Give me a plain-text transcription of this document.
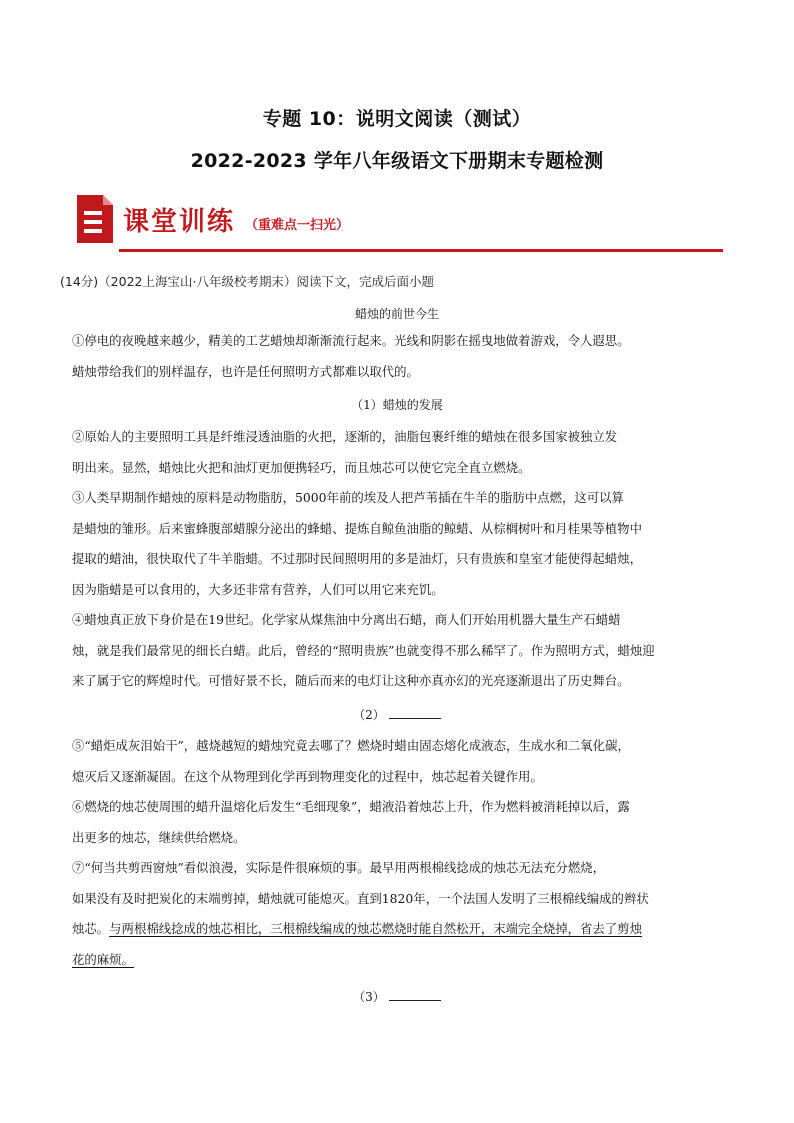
专题 10：说明文阅读（测试）
2022-2023 学年八年级语文下册期末专题检测
课堂训练 （重难点一扫光）
(14分)（2022上海宝山·八年级校考期末）阅读下文，完成后面小题
蜡烛的前世今生
①停电的夜晚越来越少，精美的工艺蜡烛却渐渐流行起来。光线和阴影在摇曳地做着游戏，令人遐思。
蜡烛带给我们的别样温存，也许是任何照明方式都难以取代的。
（1）蜡烛的发展
②原始人的主要照明工具是纤维浸透油脂的火把，逐渐的，油脂包裹纤维的蜡烛在很多国家被独立发
明出来。显然，蜡烛比火把和油灯更加便携轻巧，而且烛芯可以使它完全直立燃烧。
③人类早期制作蜡烛的原料是动物脂肪，5000年前的埃及人把芦苇插在牛羊的脂肪中点燃，这可以算
是蜡烛的雏形。后来蜜蜂腹部蜡腺分泌出的蜂蜡、提炼自鲸鱼油脂的鲸蜡、从棕榈树叶和月桂果等植物中
提取的蜡油，很快取代了牛羊脂蜡。不过那时民间照明用的多是油灯，只有贵族和皇室才能使得起蜡烛，
因为脂蜡是可以食用的，大多还非常有营养，人们可以用它来充饥。
④蜡烛真正放下身价是在19世纪。化学家从煤焦油中分离出石蜡，商人们开始用机器大量生产石蜡蜡
烛，就是我们最常见的细长白蜡。此后，曾经的“照明贵族”也就变得不那么稀罕了。作为照明方式，蜡烛迎
来了属于它的辉煌时代。可惜好景不长，随后而来的电灯让这种亦真亦幻的光亮逐渐退出了历史舞台。
（2）
⑤“蜡炬成灰泪始干”，越烧越短的蜡烛究竟去哪了？燃烧时蜡由固态熔化成液态，生成水和二氧化碳，
熄灭后又逐渐凝固。在这个从物理到化学再到物理变化的过程中，烛芯起着关键作用。
⑥燃烧的烛芯使周围的蜡升温熔化后发生“毛细现象”，蜡液沿着烛芯上升，作为燃料被消耗掉以后，露
出更多的烛芯，继续供给燃烧。
⑦“何当共剪西窗烛”看似浪漫，实际是件很麻烦的事。最早用两根棉线捻成的烛芯无法充分燃烧，
如果没有及时把炭化的末端剪掉，蜡烛就可能熄灭。直到1820年，一个法国人发明了三根棉线编成的辫状
烛芯。与两根棉线捻成的烛芯相比，三根棉线编成的烛芯燃烧时能自然松开，末端完全烧掉，省去了剪烛
花的麻烦。
（3）
